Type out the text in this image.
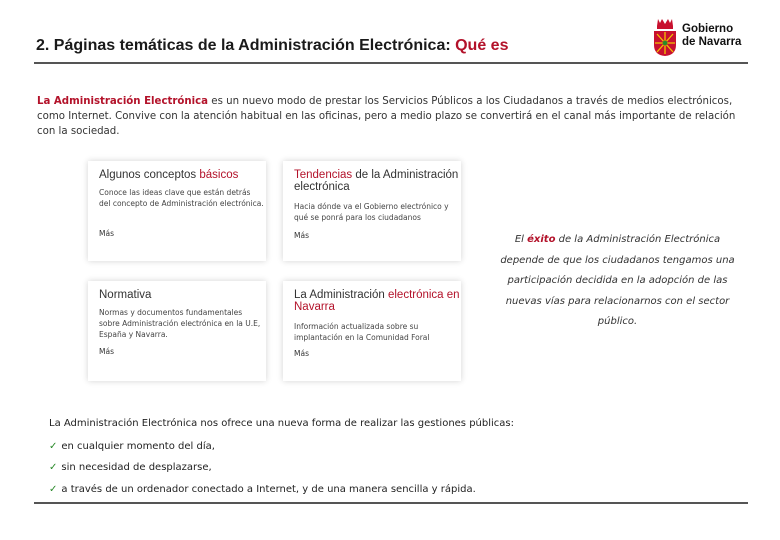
2. Páginas temáticas de la Administración Electrónica: Qué es
Gobierno
de Navarra
La Administración Electrónica es un nuevo modo de prestar los Servicios Públicos a los Ciudadanos a través de medios electrónicos, como Internet. Convive con la atención habitual en las oficinas, pero a medio plazo se convertirá en el canal más importante de relación con la sociedad.
Algunos conceptos básicos
Conoce las ideas clave que están detrás del concepto de Administración electrónica.
Más
Tendencias de la Administración electrónica
Hacia dónde va el Gobierno electrónico y qué se ponrá para los ciudadanos
Más
Normativa
Normas y documentos fundamentales sobre Administración electrónica en la U.E, España y Navarra.
Más
La Administración electrónica en Navarra
Información actualizada sobre su implantación en la Comunidad Foral
Más
El éxito de la Administración Electrónica depende de que los ciudadanos tengamos una participación decidida en la adopción de las nuevas vías para relacionarnos con el sector público.
La Administración Electrónica nos ofrece una nueva forma de realizar las gestiones públicas:
✓ en cualquier momento del día,
✓ sin necesidad de desplazarse,
✓ a través de un ordenador conectado a Internet, y de una manera sencilla y rápida.
